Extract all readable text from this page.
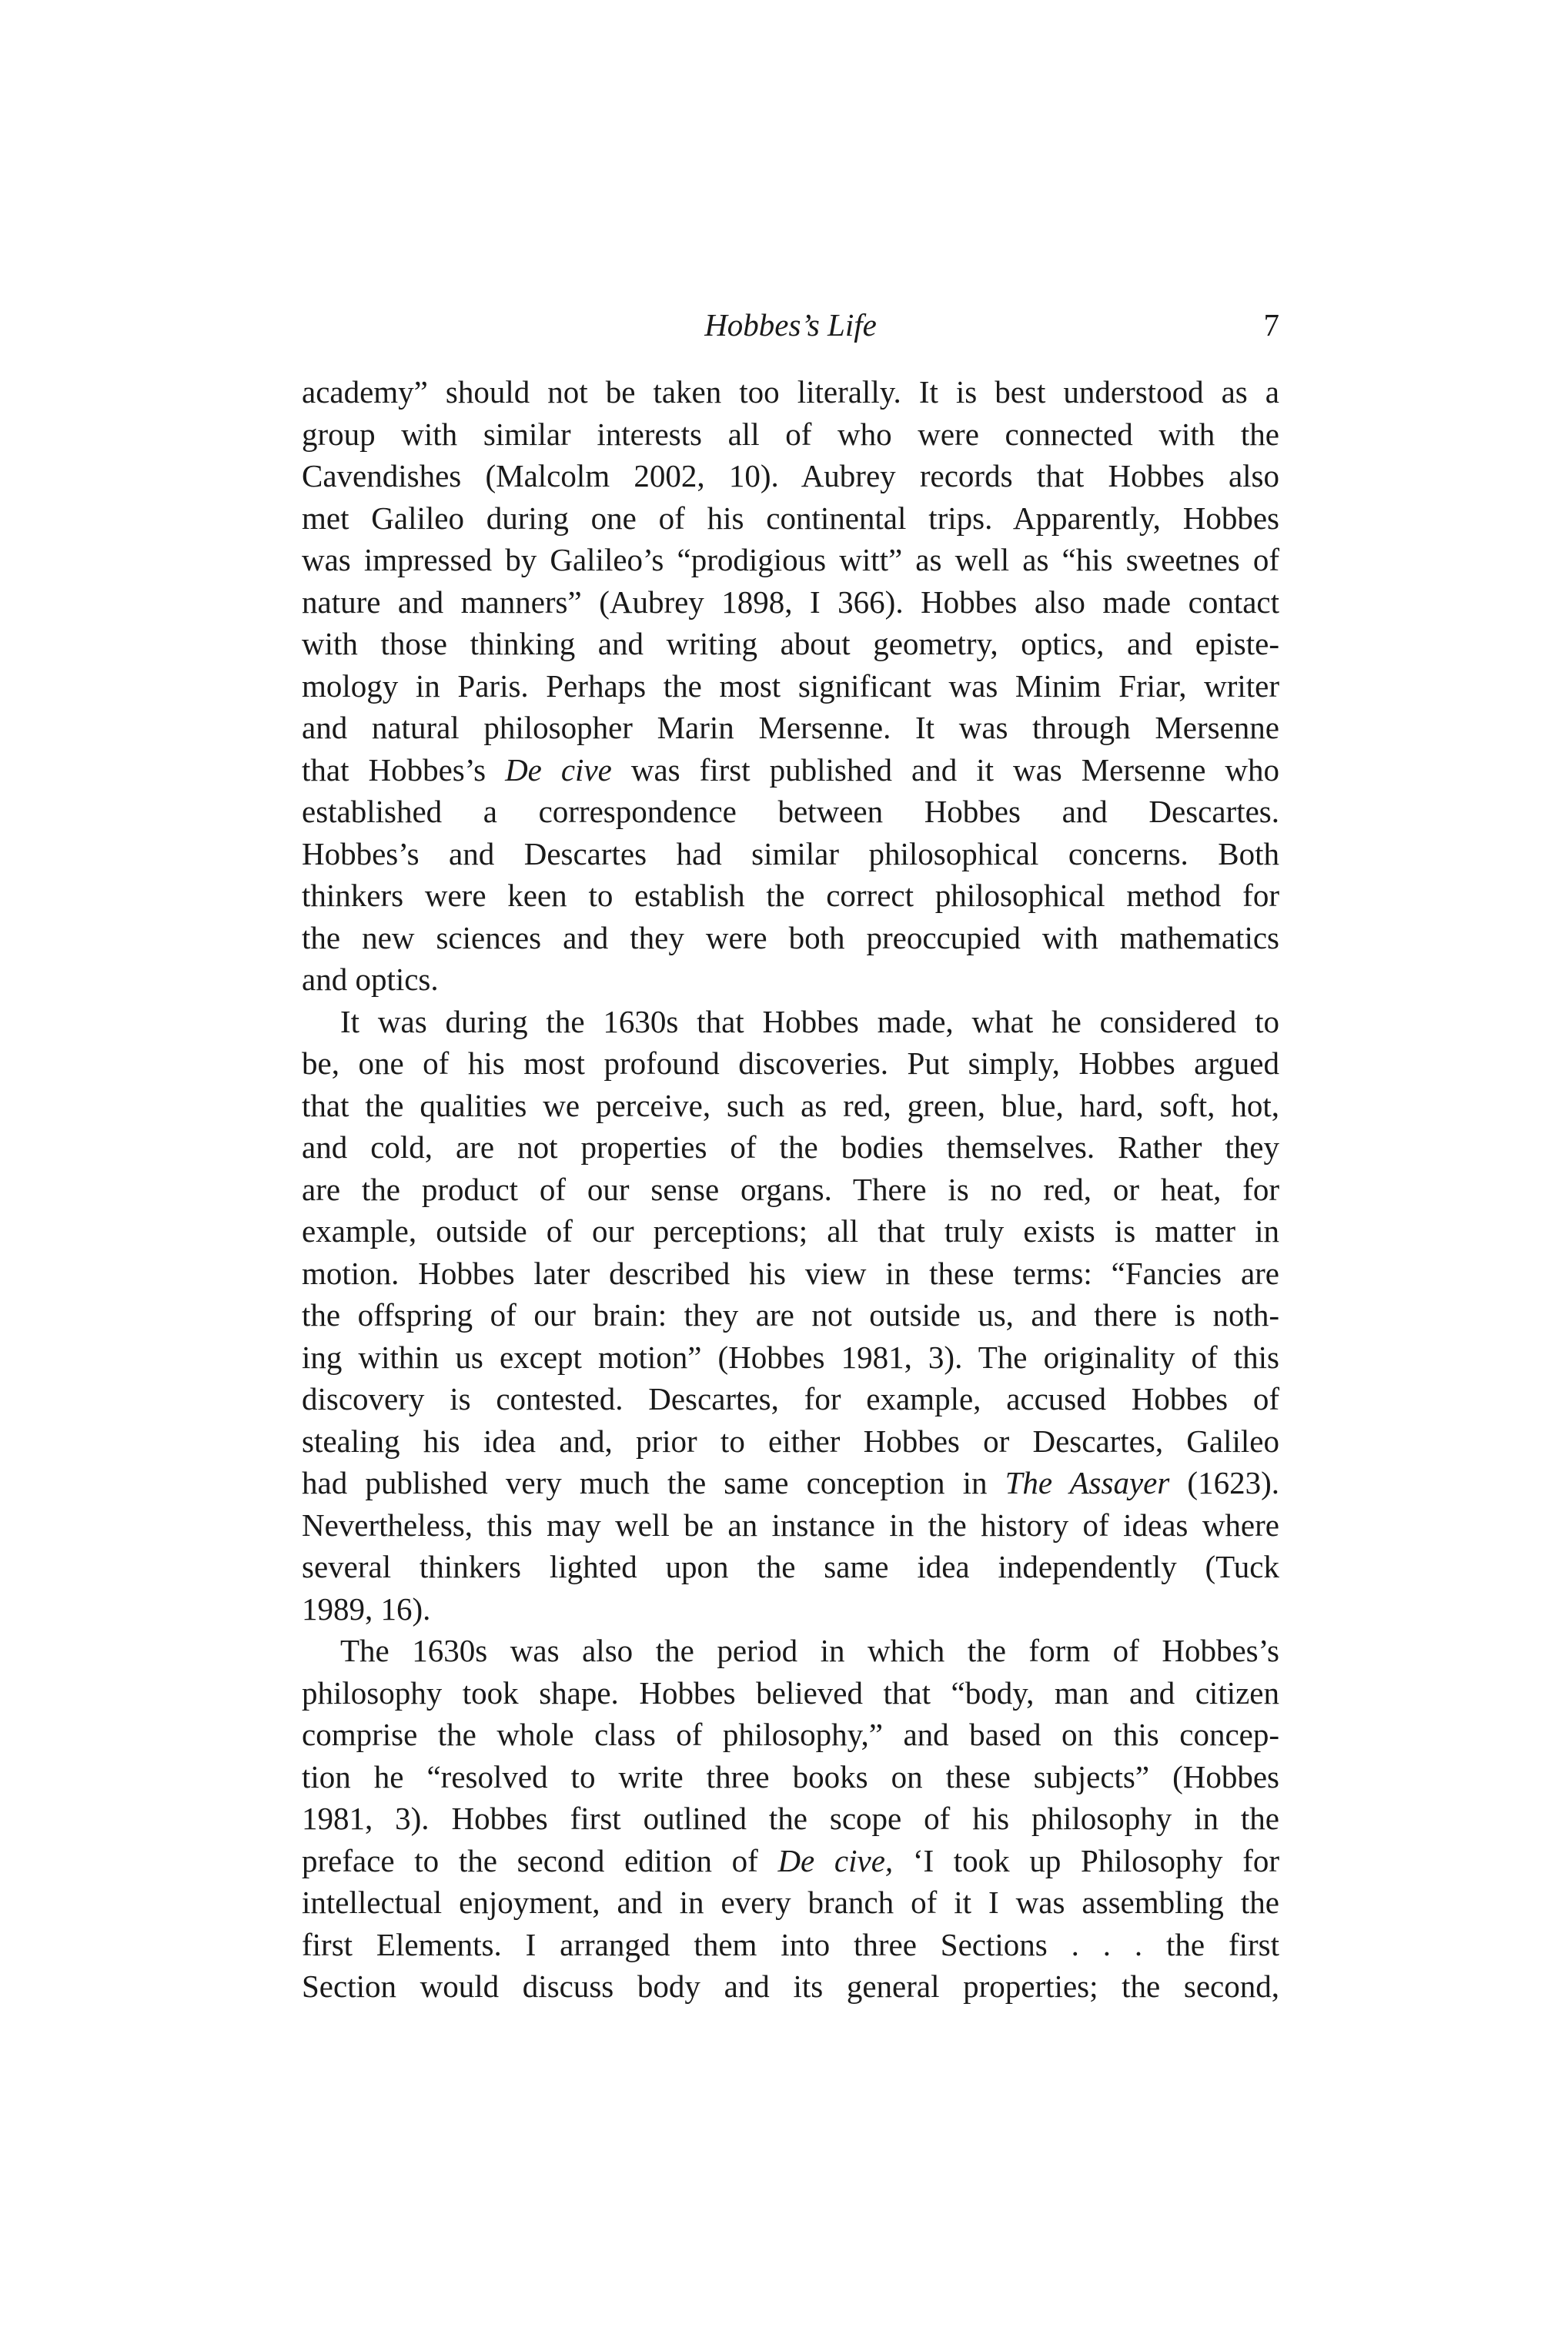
Hobbes’s Life	7
academy” should not be taken too literally. It is best understood as a
group with similar interests all of who were connected with the
Cavendishes (Malcolm 2002, 10). Aubrey records that Hobbes also
met Galileo during one of his continental trips. Apparently, Hobbes
was impressed by Galileo’s “prodigious witt” as well as “his sweetnes of
nature and manners” (Aubrey 1898, I 366). Hobbes also made contact
with those thinking and writing about geometry, optics, and episte-
mology in Paris. Perhaps the most significant was Minim Friar, writer
and natural philosopher Marin Mersenne. It was through Mersenne
that Hobbes’s De cive was first published and it was Mersenne who
established a correspondence between Hobbes and Descartes.
Hobbes’s and Descartes had similar philosophical concerns. Both
thinkers were keen to establish the correct philosophical method for
the new sciences and they were both preoccupied with mathematics
and optics.
It was during the 1630s that Hobbes made, what he considered to
be, one of his most profound discoveries. Put simply, Hobbes argued
that the qualities we perceive, such as red, green, blue, hard, soft, hot,
and cold, are not properties of the bodies themselves. Rather they
are the product of our sense organs. There is no red, or heat, for
example, outside of our perceptions; all that truly exists is matter in
motion. Hobbes later described his view in these terms: “Fancies are
the offspring of our brain: they are not outside us, and there is noth-
ing within us except motion” (Hobbes 1981, 3). The originality of this
discovery is contested. Descartes, for example, accused Hobbes of
stealing his idea and, prior to either Hobbes or Descartes, Galileo
had published very much the same conception in The Assayer (1623).
Nevertheless, this may well be an instance in the history of ideas where
several thinkers lighted upon the same idea independently (Tuck
1989, 16).
The 1630s was also the period in which the form of Hobbes’s
philosophy took shape. Hobbes believed that “body, man and citizen
comprise the whole class of philosophy,” and based on this concep-
tion he “resolved to write three books on these subjects” (Hobbes
1981, 3). Hobbes first outlined the scope of his philosophy in the
preface to the second edition of De cive, ‘I took up Philosophy for
intellectual enjoyment, and in every branch of it I was assembling the
first Elements. I arranged them into three Sections . . . the first
Section would discuss body and its general properties; the second,
